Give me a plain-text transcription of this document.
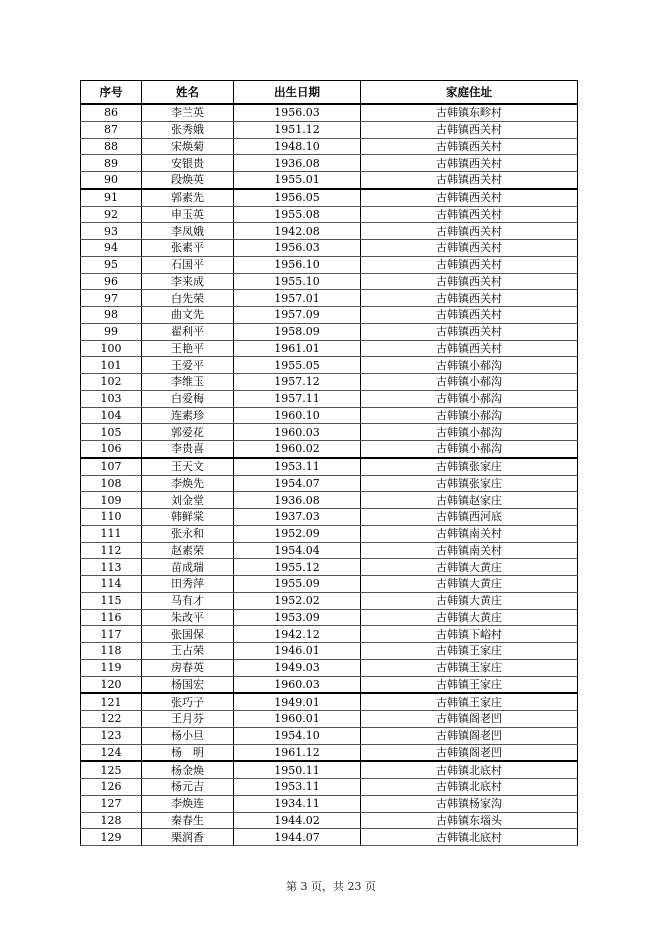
序号	姓名	出生日期	家庭住址
86	李兰英	1956.03	古韩镇东畛村
87	张秀娥	1951.12	古韩镇西关村
88	宋焕菊	1948.10	古韩镇西关村
89	安银贵	1936.08	古韩镇西关村
90	段焕英	1955.01	古韩镇西关村
91	郭素先	1956.05	古韩镇西关村
92	申玉英	1955.08	古韩镇西关村
93	李凤娥	1942.08	古韩镇西关村
94	张素平	1956.03	古韩镇西关村
95	石国平	1956.10	古韩镇西关村
96	李来成	1955.10	古韩镇西关村
97	白先荣	1957.01	古韩镇西关村
98	曲文先	1957.09	古韩镇西关村
99	翟利平	1958.09	古韩镇西关村
100	王艳平	1961.01	古韩镇西关村
101	王爱平	1955.05	古韩镇小郝沟
102	李维玉	1957.12	古韩镇小郝沟
103	白爱梅	1957.11	古韩镇小郝沟
104	连素珍	1960.10	古韩镇小郝沟
105	郭爱花	1960.03	古韩镇小郝沟
106	李贵喜	1960.02	古韩镇小郝沟
107	王天文	1953.11	古韩镇张家庄
108	李焕先	1954.07	古韩镇张家庄
109	刘金堂	1936.08	古韩镇赵家庄
110	韩鲜棠	1937.03	古韩镇西河底
111	张永和	1952.09	古韩镇南关村
112	赵素荣	1954.04	古韩镇南关村
113	苗成瑞	1955.12	古韩镇大黄庄
114	田秀萍	1955.09	古韩镇大黄庄
115	马有才	1952.02	古韩镇大黄庄
116	朱改平	1953.09	古韩镇大黄庄
117	张国保	1942.12	古韩镇下峪村
118	王占荣	1946.01	古韩镇王家庄
119	房春英	1949.03	古韩镇王家庄
120	杨国宏	1960.03	古韩镇王家庄
121	张巧子	1949.01	古韩镇王家庄
122	王月芬	1960.01	古韩镇阁老凹
123	杨小旦	1954.10	古韩镇阁老凹
124	杨　明	1961.12	古韩镇阁老凹
125	杨金焕	1950.11	古韩镇北底村
126	杨元吉	1953.11	古韩镇北底村
127	李焕连	1934.11	古韩镇杨家沟
128	秦春生	1944.02	古韩镇东堖头
129	栗润香	1944.07	古韩镇北底村
第 3 页，共 23 页
